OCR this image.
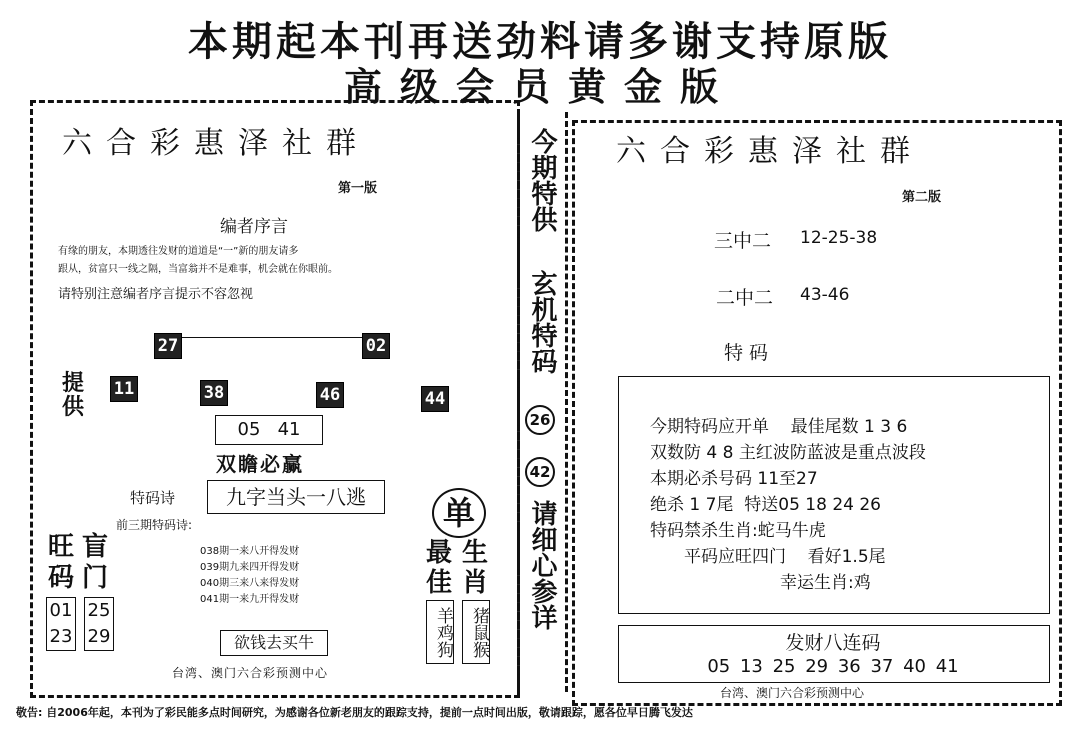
本期起本刊再送劲料请多谢支持原版
高级会员黄金版
六合彩惠泽社群
第一版
编者序言
有缘的朋友，本期透往发财的道道是“一”新的朋友请多
跟从，贫富只一线之隔，当富翁并不是难事，机会就在你眼前。
请特别注意编者序言提示不容忽视
27	02
提供
11	38	46	44
05   41
双瞻必赢
特码诗	九字当头一八逃
前三期特码诗:
旺码
盲门
038期一来八开得发财
039期九来四开得发财
040期三来八来得发财
041期一来九开得发财
01
23
25
29	欲钱去买牛
台湾、澳门六合彩预测中心
单
最佳
生肖
羊鸡狗 猪鼠猴
今期特供
玄机特码
26
42
请细心参详
六合彩惠泽社群
第二版
三中二 12-25-38
二中二 43-46
特 码
今期特码应开单    最佳尾数 1 3 6
双数防 4 8 主红波防蓝波是重点波段
本期必杀号码 11至27
绝杀 1 7尾  特送05 18 24 26
特码禁杀生肖:蛇马牛虎
平码应旺四门    看好1.5尾
幸运生肖:鸡
发财八连码
05 13 25 29 36 37 40 41
台湾、澳门六合彩预测中心
敬告: 自2006年起，本刊为了彩民能多点时间研究，为感谢各位新老朋友的跟踪支持，提前一点时间出版，敬请跟踪，愿各位早日腾飞发达
